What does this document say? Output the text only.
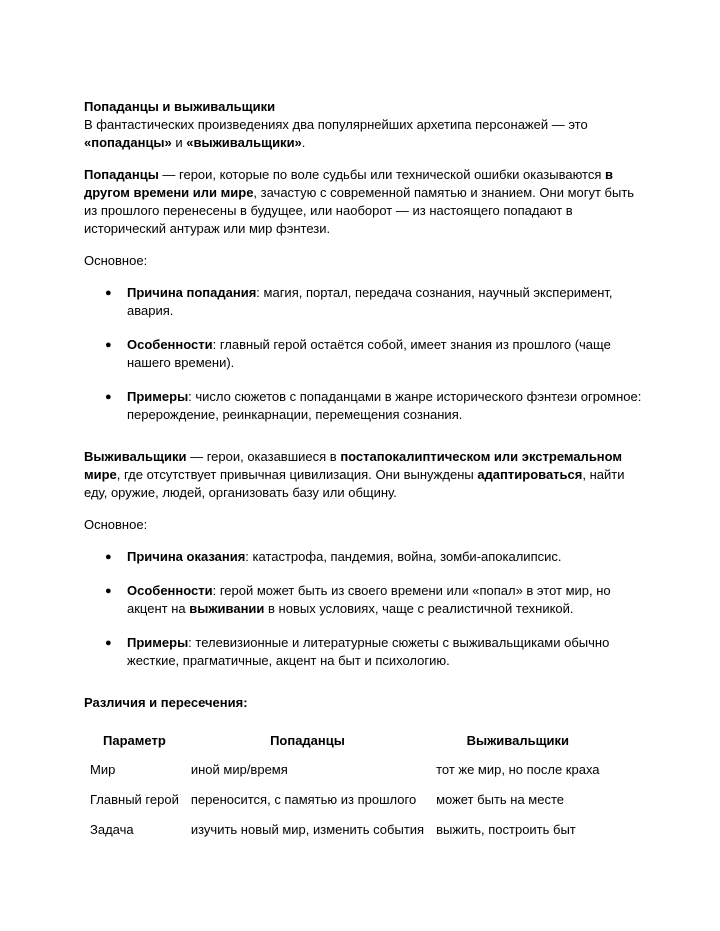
Попаданцы и выживальщики

В фантастических произведениях два популярнейших архетипа персонажей — это
«попаданцы» и «выживальщики».

Попаданцы — герои, которые по воле судьбы или технической ошибки оказываются в другом времени или мире, зачастую с современной памятью и знанием. Они могут быть из прошлого перенесены в будущее, или наоборот — из настоящего попадают в исторический антураж или мир фэнтези.

Основное:

● Причина попадания: магия, портал, передача сознания, научный эксперимент, авария.
● Особенности: главный герой остаётся собой, имеет знания из прошлого (чаще нашего времени).
● Примеры: число сюжетов с попаданцами в жанре исторического фэнтези огромное: перерождение, реинкарнации, перемещения сознания.

Выживальщики — герои, оказавшиеся в постапокалиптическом или экстремальном мире, где отсутствует привычная цивилизация. Они вынуждены адаптироваться, найти еду, оружие, людей, организовать базу или общину.

Основное:

● Причина оказания: катастрофа, пандемия, война, зомби‑апокалипсис.
● Особенности: герой может быть из своего времени или «попал» в этот мир, но акцент на выживании в новых условиях, чаще с реалистичной техникой.
● Примеры: телевизионные и литературные сюжеты с выживальщиками обычно жесткие, прагматичные, акцент на быт и психологию.

Различия и пересечения:

Параметр	Попаданцы	Выживальщики
Мир	иной мир/время	тот же мир, но после краха
Главный герой	переносится, с памятью из прошлого	может быть на месте
Задача	изучить новый мир, изменить события	выжить, построить быт
